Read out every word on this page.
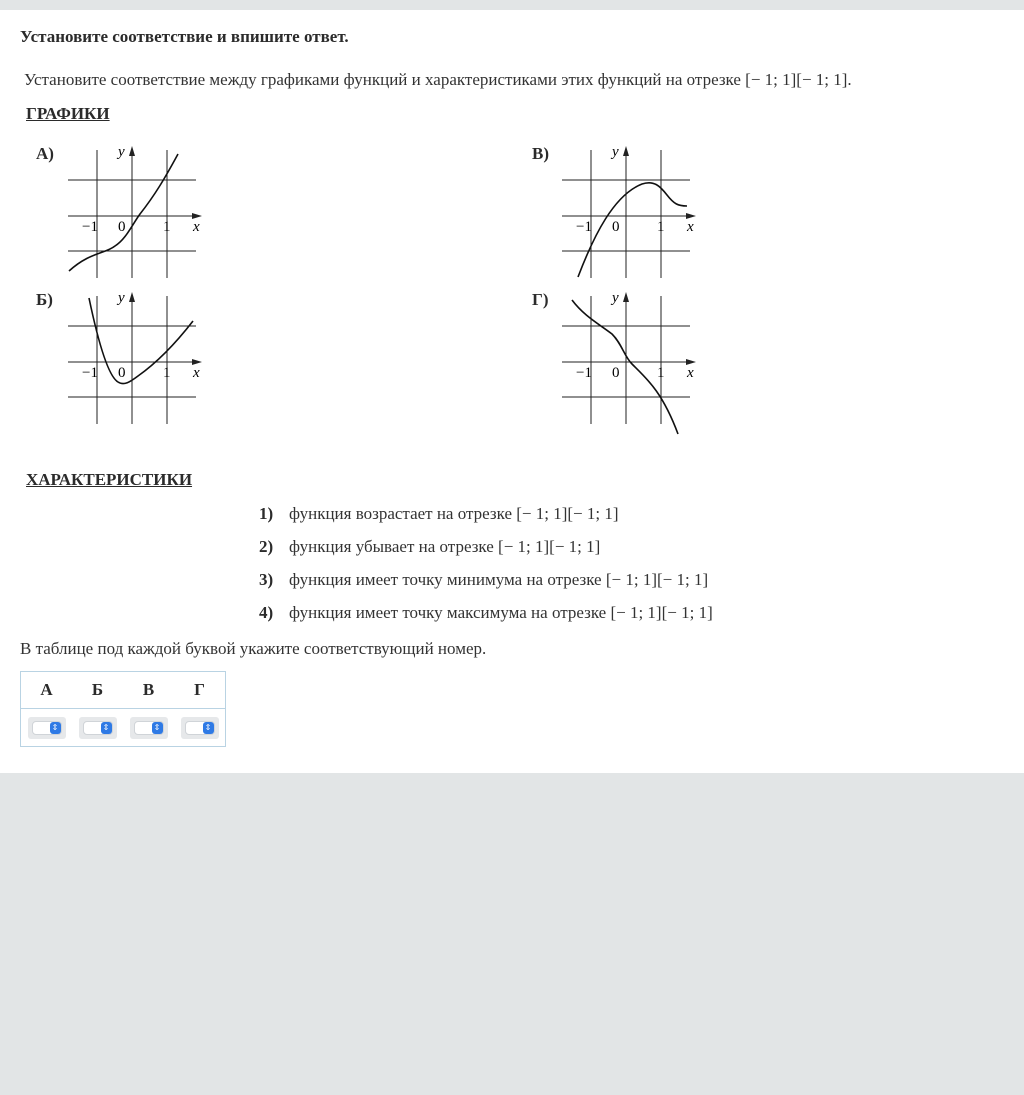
Установите соответствие и впишите ответ.
Установите соответствие между графиками функций и характеристиками этих функций на отрезке [− 1; 1][− 1; 1].
ГРАФИКИ
А)
Б)
В)
Г)
y
x
−1 0	1
y
x
−1 0	1
y
x
−1 0	1
y
x
−1 0	1
ХАРАКТЕРИСТИКИ
1) функция возрастает на отрезке [− 1; 1][− 1; 1]
2) функция убывает на отрезке [− 1; 1][− 1; 1]
3) функция имеет точку минимума на отрезке [− 1; 1][− 1; 1]
4) функция имеет точку максимума на отрезке [− 1; 1][− 1; 1]
В таблице под каждой буквой укажите соответствующий номер.
А	Б	В	Г
⇕	⇕	⇕	⇕
